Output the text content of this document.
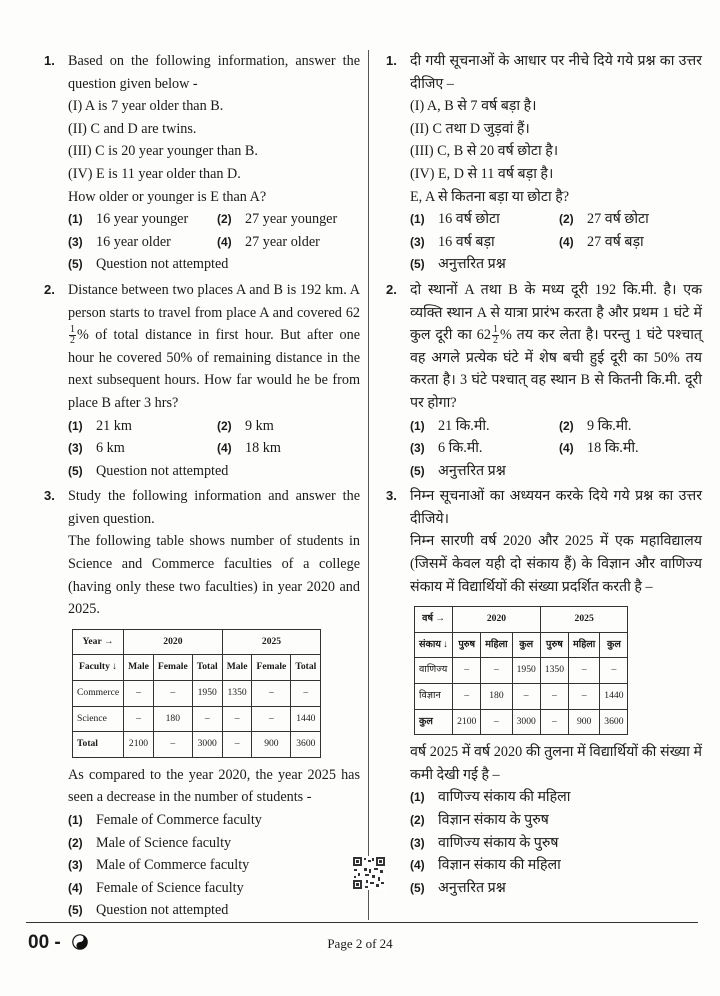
1. Based on the following information, answer the question given below -
(I) A is 7 year older than B.
(II) C and D are twins.
(III) C is 20 year younger than B.
(IV) E is 11 year older than D.
How older or younger is E than A?
(1) 16 year younger (2) 27 year younger
(3) 16 year older	(4) 27 year older
(5) Question not attempted
2. Distance between two places A and B is 192 km. A person starts to travel from place A and covered 62
$\frac{1}{2}$ % of total distance in first hour. But after one hour he covered 50% of remaining distance in the next subsequent hours. How far would he be from place B after 3 hrs?
(1) 21 km	(2) 9 km
(3) 6 km	(4) 18 km
(5) Question not attempted
3. Study the following information and answer the given question.
The following table shows number of students in Science and Commerce faculties of a college (having only these two faculties) in year 2020 and 2025.
Year →	2020			2025		
Faculty ↓	Male	Female	Total	Male	Female	Total
Commerce	–	–	1950	1350	–	–
Science	–	180	–	–	–	1440
Total	2100	–	3000	–	900	3600
As compared to the year 2020, the year 2025 has seen a decrease in the number of students -
(1) Female of Commerce faculty
(2) Male of Science faculty
(3) Male of Commerce faculty
(4) Female of Science faculty
(5) Question not attempted
1. दी गयी सूचनाओं के आधार पर नीचे दिये गये प्रश्न का उत्तर दीजिए –
(I) A, B से 7 वर्ष बड़ा है।
(II) C तथा D जुड़वां हैं।
(III) C, B से 20 वर्ष छोटा है।
(IV) E, D से 11 वर्ष बड़ा है।
E, A से कितना बड़ा या छोटा है?
(1) 16 वर्ष छोटा	(2) 27 वर्ष छोटा
(3) 16 वर्ष बड़ा	(4) 27 वर्ष बड़ा
(5) अनुत्तरित प्रश्न
2. दो स्थानों A तथा B के मध्य दूरी 192 कि.मी. है। एक व्यक्ति स्थान A से यात्रा प्रारंभ करता है और प्रथम 1 घंटे में कुल दूरी का $62 \frac{1}{2}$ % तय कर लेता है। परन्तु 1 घंटे पश्चात् वह अगले प्रत्येक घंटे में शेष बची हुई दूरी का 50% तय करता है। 3 घंटे पश्चात् वह स्थान B से कितनी कि.मी. दूरी पर होगा?
(1) 21 कि.मी.	(2) 9 कि.मी.
(3) 6 कि.मी.	(4) 18 कि.मी.
(5) अनुत्तरित प्रश्न
3. निम्न सूचनाओं का अध्ययन करके दिये गये प्रश्न का उत्तर दीजिये।
निम्न सारणी वर्ष 2020 और 2025 में एक महाविद्यालय (जिसमें केवल यही दो संकाय हैं) के विज्ञान और वाणिज्य संकाय में विद्यार्थियों की संख्या प्रदर्शित करती है –
वर्ष →	2020			2025		
संकाय ↓	पुरुष	महिला	कुल	पुरुष	महिला	कुल
वाणिज्य	–	–	1950	1350	–	–
विज्ञान	–	180	–	–	–	1440
कुल	2100	–	3000	–	900	3600
वर्ष 2025 में वर्ष 2020 की तुलना में विद्यार्थियों की संख्या में कमी देखी गई है –
(1) वाणिज्य संकाय की महिला
(2) विज्ञान संकाय के पुरुष
(3) वाणिज्य संकाय के पुरुष
(4) विज्ञान संकाय की महिला
(5) अनुत्तरित प्रश्न
00 -	Page 2 of 24
